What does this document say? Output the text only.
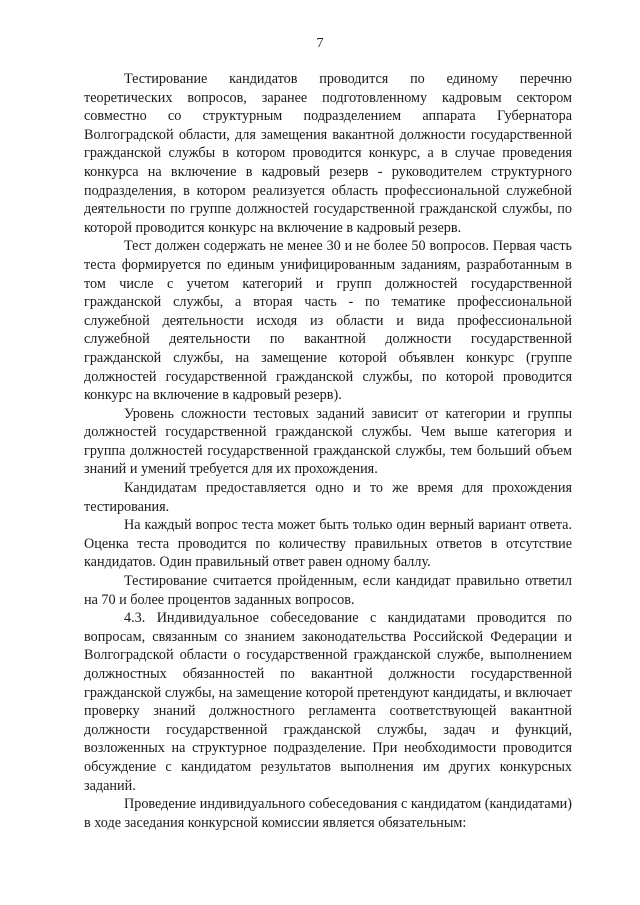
7

Тестирование кандидатов проводится по единому перечню теоретических вопросов, заранее подготовленному кадровым сектором совместно со структурным подразделением аппарата Губернатора Волгоградской области, для замещения вакантной должности государственной гражданской службы в котором проводится конкурс, а в случае проведения конкурса на включение в кадровый резерв - руководителем структурного подразделения, в котором реализуется область профессиональной служебной деятельности по группе должностей государственной гражданской службы, по которой проводится конкурс на включение в кадровый резерв.

Тест должен содержать не менее 30 и не более 50 вопросов. Первая часть теста формируется по единым унифицированным заданиям, разработанным в том числе с учетом категорий и групп должностей государственной гражданской службы, а вторая часть - по тематике профессиональной служебной деятельности исходя из области и вида профессиональной служебной деятельности по вакантной должности государственной гражданской службы, на замещение которой объявлен конкурс (группе должностей государственной гражданской службы, по которой проводится конкурс на включение в кадровый резерв).

Уровень сложности тестовых заданий зависит от категории и группы должностей государственной гражданской службы. Чем выше категория и группа должностей государственной гражданской службы, тем больший объем знаний и умений требуется для их прохождения.

Кандидатам предоставляется одно и то же время для прохождения тестирования.

На каждый вопрос теста может быть только один верный вариант ответа. Оценка теста проводится по количеству правильных ответов в отсутствие кандидатов. Один правильный ответ равен одному баллу.

Тестирование считается пройденным, если кандидат правильно ответил на 70 и более процентов заданных вопросов.

4.3. Индивидуальное собеседование с кандидатами проводится по вопросам, связанным со знанием законодательства Российской Федерации и Волгоградской области о государственной гражданской службе, выполнением должностных обязанностей по вакантной должности государственной гражданской службы, на замещение которой претендуют кандидаты, и включает проверку знаний должностного регламента соответствующей вакантной должности государственной гражданской службы, задач и функций, возложенных на структурное подразделение. При необходимости проводится обсуждение с кандидатом результатов выполнения им других конкурсных заданий.

Проведение индивидуального собеседования с кандидатом (кандидатами) в ходе заседания конкурсной комиссии является обязательным:
